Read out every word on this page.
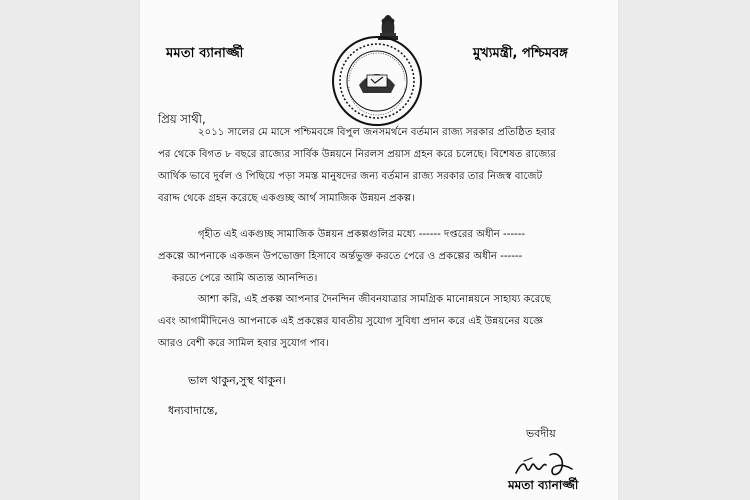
মমতা ব্যানার্জ্জী	মুখ্যমন্ত্রী, পশ্চিমবঙ্গ
প্রিয় সাথী,
২০১১ সালের মে মাসে পশ্চিমবঙ্গে বিপুল জনসমর্থনে বর্তমান রাজ্য সরকার প্রতিষ্ঠিত হবার
পর থেকে বিগত ৮ বছরে রাজ্যের সার্বিক উন্নয়নে নিরলস প্রয়াস গ্রহন করে চলেছে। বিশেষত রাজ্যের
আর্থিক ভাবে দুর্বল ও পিছিয়ে পড়া সমস্ত মানুষদের জন্য বর্তমান রাজ্য সরকার তার নিজস্ব বাজেট
বরাদ্দ থেকে গ্রহন করেছে একগুচ্ছ আর্থ সামাজিক উন্নয়ন প্রকল্প।
গৃহীত এই একগুচ্ছ সামাজিক উন্নয়ন প্রকল্পগুলির মধ্যে ------ দপ্তরের অধীন ------
প্রকল্পে আপনাকে একজন উপভোক্তা হিসাবে অর্ন্তভুক্ত করতে পেরে ও প্রকল্পের অধীন ------
করতে পেরে আমি অত্যন্ত আনন্দিত।
আশা করি, এই প্রকল্প আপনার দৈনন্দিন জীবনযাত্রার সামগ্রিক মানোন্নয়নে সাহায্য করেছে
এবং আগামীদিনেও আপনাকে এই প্রকল্পের যাবতীয় সুযোগ সুবিধা প্রদান করে এই উন্নয়নের যজ্ঞে
আরও বেশী করে সামিল হবার সুযোগ পাব।
ভাল থাকুন,সুস্থ থাকুন।
ধন্যবাদান্তে,
ভবদীয়
মমতা ব্যানার্জ্জী
